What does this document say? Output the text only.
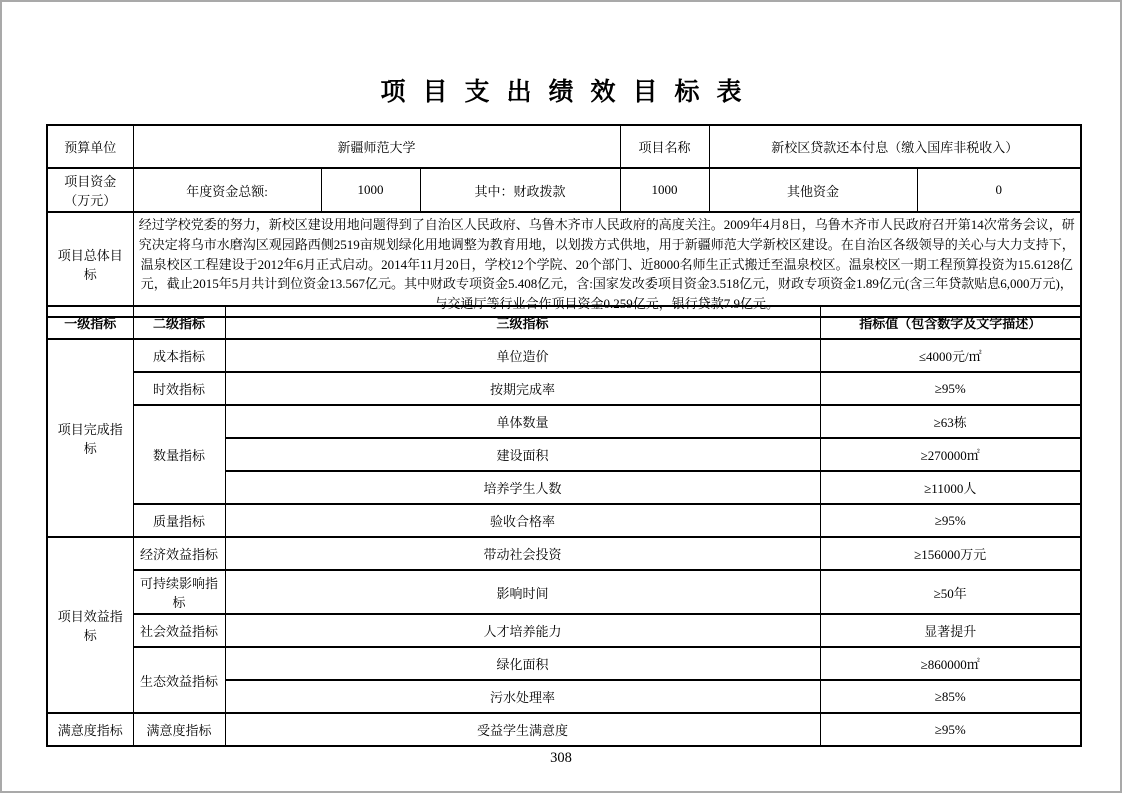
项目支出绩效目标表
预算单位	新疆师范大学			项目名称	新校区贷款还本付息（缴入国库非税收入）	
项目资金（万元）	年度资金总额:	1000	其中：财政拨款	1000	其他资金	0
项目总体目标	经过学校党委的努力，新校区建设用地问题得到了自治区人民政府、乌鲁木齐市人民政府的高度关注。2009年4月8日，乌鲁木齐市人民政府召开第14次常务会议，研究决定将乌市水磨沟区观园路西侧2519亩规划绿化用地调整为教育用地，以划拨方式供地，用于新疆师范大学新校区建设。在自治区各级领导的关心与大力支持下，温泉校区工程建设于2012年6月正式启动。2014年11月20日，学校12个学院、20个部门、近8000名师生正式搬迁至温泉校区。温泉校区一期工程预算投资为15.6128亿元，截止2015年5月共计到位资金13.567亿元。其中财政专项资金5.408亿元，含:国家发改委项目资金3.518亿元，财政专项资金1.89亿元(含三年贷款贴息6,000万元)，与交通厅等行业合作项目资金0.259亿元，银行贷款7.9亿元。					
一级指标	二级指标	三级指标	指标值（包含数字及文字描述）
项目完成指标	成本指标	单位造价	≤4000元/㎡
	时效指标	按期完成率	≥95%
	数量指标	单体数量	≥63栋
		建设面积	≥270000㎡
		培养学生人数	≥11000人
	质量指标	验收合格率	≥95%
项目效益指标	经济效益指标	带动社会投资	≥156000万元
	可持续影响指标	影响时间	≥50年
	社会效益指标	人才培养能力	显著提升
	生态效益指标	绿化面积	≥860000㎡
		污水处理率	≥85%
满意度指标	满意度指标	受益学生满意度	≥95%
308
